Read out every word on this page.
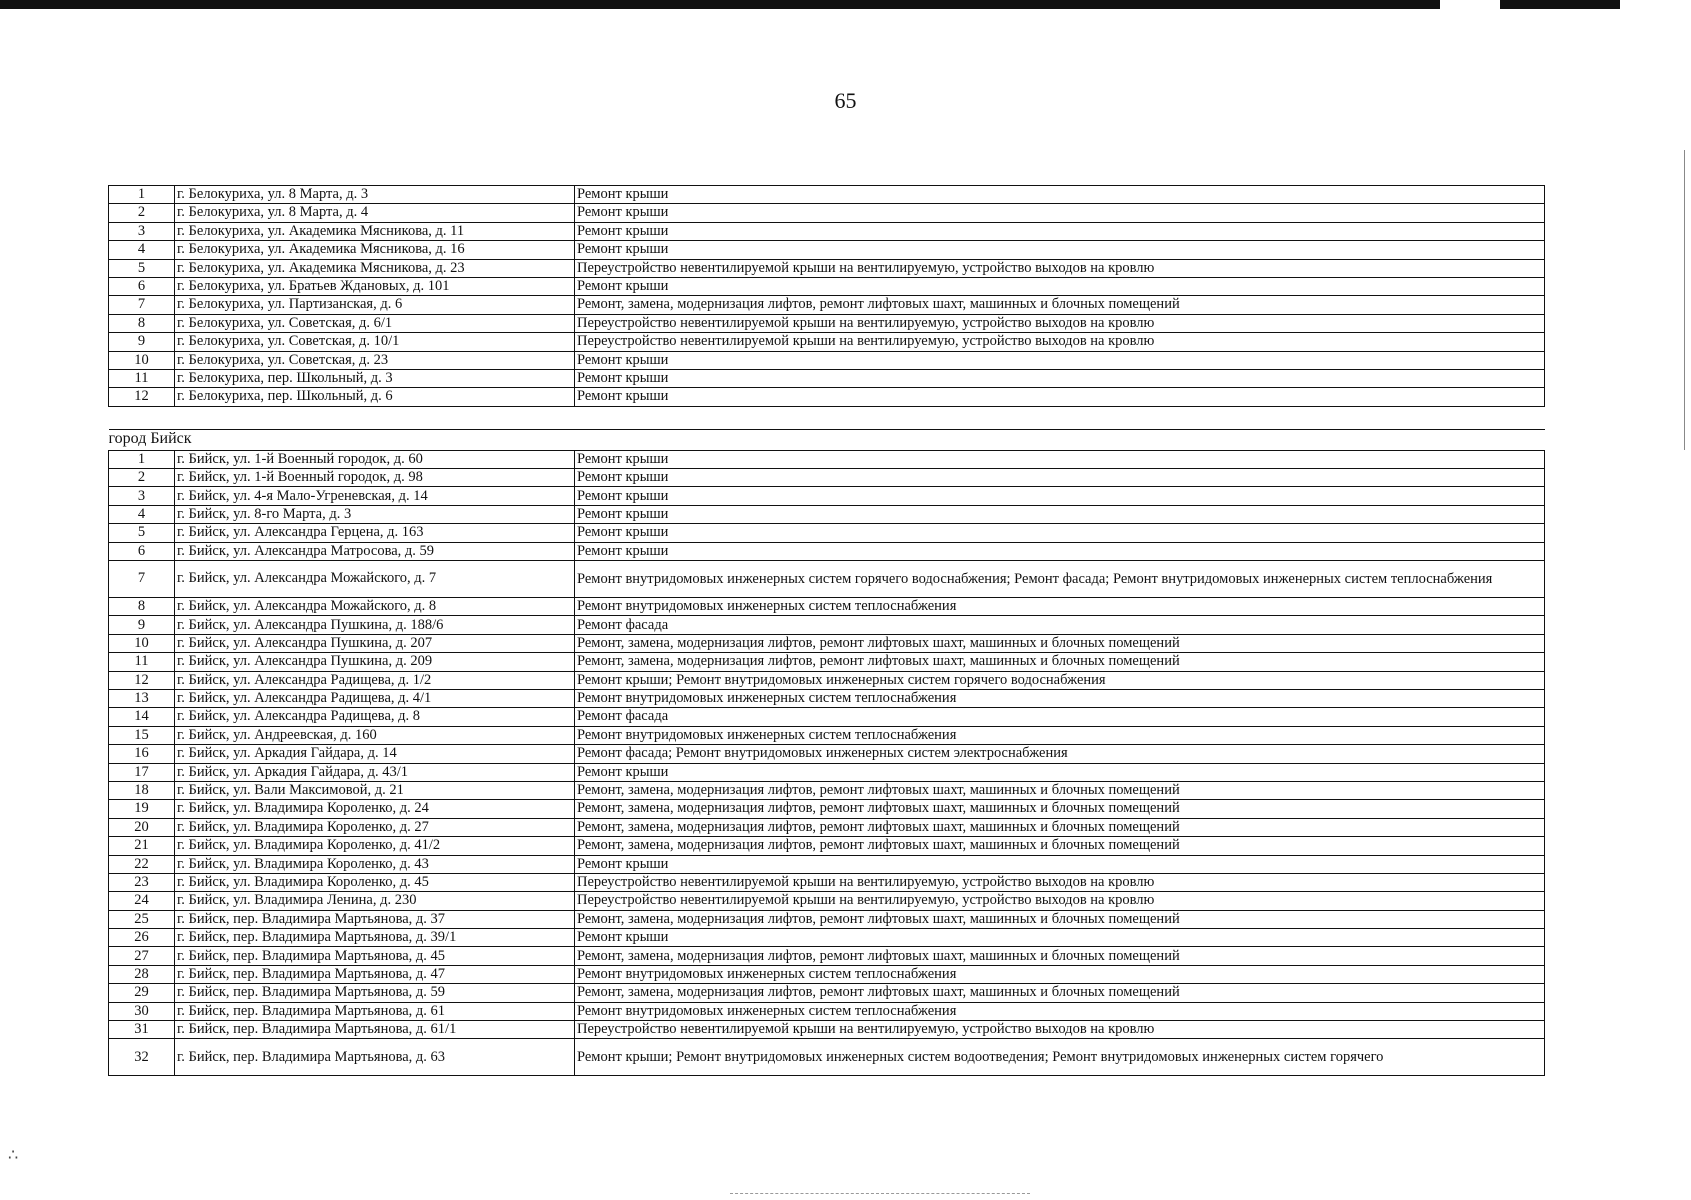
65
1	г. Белокуриха, ул. 8 Марта, д. 3	Ремонт крыши
2	г. Белокуриха, ул. 8 Марта, д. 4	Ремонт крыши
3	г. Белокуриха, ул. Академика Мясникова, д. 11	Ремонт крыши
4	г. Белокуриха, ул. Академика Мясникова, д. 16	Ремонт крыши
5	г. Белокуриха, ул. Академика Мясникова, д. 23	Переустройство невентилируемой крыши на вентилируемую, устройство выходов на кровлю
6	г. Белокуриха, ул. Братьев Ждановых, д. 101	Ремонт крыши
7	г. Белокуриха, ул. Партизанская, д. 6	Ремонт, замена, модернизация лифтов, ремонт лифтовых шахт, машинных и блочных помещений
8	г. Белокуриха, ул. Советская, д. 6/1	Переустройство невентилируемой крыши на вентилируемую, устройство выходов на кровлю
9	г. Белокуриха, ул. Советская, д. 10/1	Переустройство невентилируемой крыши на вентилируемую, устройство выходов на кровлю
10	г. Белокуриха, ул. Советская, д. 23	Ремонт крыши
11	г. Белокуриха, пер. Школьный, д. 3	Ремонт крыши
12	г. Белокуриха, пер. Школьный, д. 6	Ремонт крыши

город Бийск		
1	г. Бийск, ул. 1-й Военный городок, д. 60	Ремонт крыши
2	г. Бийск, ул. 1-й Военный городок, д. 98	Ремонт крыши
3	г. Бийск, ул. 4-я Мало-Угреневская, д. 14	Ремонт крыши
4	г. Бийск, ул. 8-го Марта, д. 3	Ремонт крыши
5	г. Бийск, ул. Александра Герцена, д. 163	Ремонт крыши
6	г. Бийск, ул. Александра Матросова, д. 59	Ремонт крыши
7	г. Бийск, ул. Александра Можайского, д. 7	Ремонт внутридомовых инженерных систем горячего водоснабжения; Ремонт фасада; Ремонт внутридомовых инженерных систем теплоснабжения
8	г. Бийск, ул. Александра Можайского, д. 8	Ремонт внутридомовых инженерных систем теплоснабжения
9	г. Бийск, ул. Александра Пушкина, д. 188/6	Ремонт фасада
10	г. Бийск, ул. Александра Пушкина, д. 207	Ремонт, замена, модернизация лифтов, ремонт лифтовых шахт, машинных и блочных помещений
11	г. Бийск, ул. Александра Пушкина, д. 209	Ремонт, замена, модернизация лифтов, ремонт лифтовых шахт, машинных и блочных помещений
12	г. Бийск, ул. Александра Радищева, д. 1/2	Ремонт крыши; Ремонт внутридомовых инженерных систем горячего водоснабжения
13	г. Бийск, ул. Александра Радищева, д. 4/1	Ремонт внутридомовых инженерных систем теплоснабжения
14	г. Бийск, ул. Александра Радищева, д. 8	Ремонт фасада
15	г. Бийск, ул. Андреевская, д. 160	Ремонт внутридомовых инженерных систем теплоснабжения
16	г. Бийск, ул. Аркадия Гайдара, д. 14	Ремонт фасада; Ремонт внутридомовых инженерных систем электроснабжения
17	г. Бийск, ул. Аркадия Гайдара, д. 43/1	Ремонт крыши
18	г. Бийск, ул. Вали Максимовой, д. 21	Ремонт, замена, модернизация лифтов, ремонт лифтовых шахт, машинных и блочных помещений
19	г. Бийск, ул. Владимира Короленко, д. 24	Ремонт, замена, модернизация лифтов, ремонт лифтовых шахт, машинных и блочных помещений
20	г. Бийск, ул. Владимира Короленко, д. 27	Ремонт, замена, модернизация лифтов, ремонт лифтовых шахт, машинных и блочных помещений
21	г. Бийск, ул. Владимира Короленко, д. 41/2	Ремонт, замена, модернизация лифтов, ремонт лифтовых шахт, машинных и блочных помещений
22	г. Бийск, ул. Владимира Короленко, д. 43	Ремонт крыши
23	г. Бийск, ул. Владимира Короленко, д. 45	Переустройство невентилируемой крыши на вентилируемую, устройство выходов на кровлю
24	г. Бийск, ул. Владимира Ленина, д. 230	Переустройство невентилируемой крыши на вентилируемую, устройство выходов на кровлю
25	г. Бийск, пер. Владимира Мартьянова, д. 37	Ремонт, замена, модернизация лифтов, ремонт лифтовых шахт, машинных и блочных помещений
26	г. Бийск, пер. Владимира Мартьянова, д. 39/1	Ремонт крыши
27	г. Бийск, пер. Владимира Мартьянова, д. 45	Ремонт, замена, модернизация лифтов, ремонт лифтовых шахт, машинных и блочных помещений
28	г. Бийск, пер. Владимира Мартьянова, д. 47	Ремонт внутридомовых инженерных систем теплоснабжения
29	г. Бийск, пер. Владимира Мартьянова, д. 59	Ремонт, замена, модернизация лифтов, ремонт лифтовых шахт, машинных и блочных помещений
30	г. Бийск, пер. Владимира Мартьянова, д. 61	Ремонт внутридомовых инженерных систем теплоснабжения
31	г. Бийск, пер. Владимира Мартьянова, д. 61/1	Переустройство невентилируемой крыши на вентилируемую, устройство выходов на кровлю
32	г. Бийск, пер. Владимира Мартьянова, д. 63	Ремонт крыши; Ремонт внутридомовых инженерных систем водоотведения; Ремонт внутридомовых инженерных систем горячего
∴
